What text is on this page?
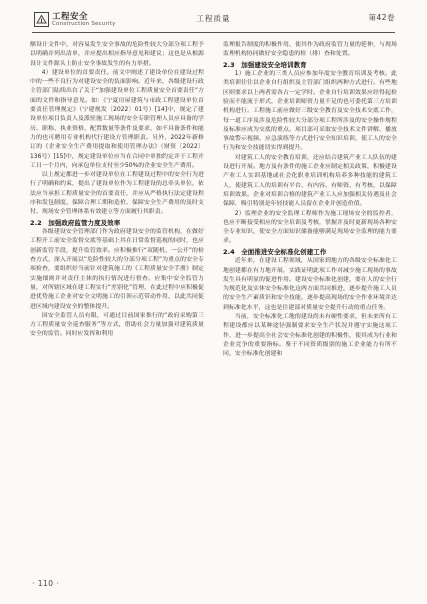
工程安全
Construction Security
工程质量	第42卷

额设计文件中，对容易发生安全事故的危险性较大分部分项工程予以明确并列出清单，并应提出相应指导意见和建议；这也是从根源设计文件源头上防止安全事故发生的有力举措。

4）建设单位的首要责任。前文中阐述了建设单位在建设过程中的一些不良行为对建设安全的负面影响。近年来，各级建设行政主管部门陆续出台了关于“加强建设单位工程质量安全首要责任”方面的文件和指导意见。如：《宁夏房屋建筑与市政工程建设单位首要责任管理规定》（宁建规发〔2022〕01号）[14]中，规定了建设单位项目负责人及派驻施工现场的安全专职管理人员应具备的学历、职称、执业资格、配置数量等条件及要求，如不具备条件和能力的也可聘用专业机构代行建设方管理职责。另外，2022年新修订的《企业安全生产费用提取和使用管理办法》（财资〔2022〕136号）[15]中，规定建设单位应当在合同中单独约定并于工程开工日一个月内，向承包单位支付至少50%的企业安全生产费用。

以上规定都进一步对建设单位在工程建设过程中的安全行为进行了明确和约束，提出了建设单位作为工程建设的总牵头单位，依法应当承担工程质量安全的首要责任，并应从严格执行法定建设程序和发包制度、保障合理工期和造价、保障安全生产费用的及时支付、现场安全管理体系有效建立等方面履行其职责。

2.2　加强政府监管力度及效率

各级建设安全管理部门作为政府建设安全的监管机构，在做好工程开工前安全监督交底等基础上其在日常监督巡视的同时，也应创新监管手段，提升监管效率。应积极推行“双随机、一公开”的检查方式，深入开展以“危险性较大的分部分项工程”为重点的安全专项检查，要组织好当前针对建筑施工的《工程质量安全手册》制定实施细则并对责任主体的执行情况进行督查。应集中安全监管力量，对所辖区域在建工程实行“差别化”管理，在此过程中应积极促进优势施工企业对安全文明施工的引领示范带动作用，以此共同促进区域内建设安全的整体提升。

国安全监管人员有限，可通过目前国家推行的“政府采购第三方工程质量安全巡查服务”等方式，借助社会力量加强对建筑质量安全的监管。同时应发挥和利用

监理报告制度的积极作用，使其作为政府监管力量的延伸，与现场监理机构协同做好安全隐患的检（排）查和处置。

2.3　加强建设安全培训教育

1）施工企业的三类人员应参加年度安全教育培训及考核。此类培训往往以企业自行组织及主管部门组织两种方式进行。有些地区则要求以上两者需各占一定学时。企业自行培训效果应经得起检验而不能流于形式，企业培训师资力量不足的也可委托第三方培训机构进行。工程施工前应做好三级安全教育及安全技术交底工作，每一道工序及涉及危险性较大分部分项工程所涉及的安全操作规程及标准应成为交底的重点。项目部可采取安全技术文件讲解、播放事故警示视频、应急演练等方式进行安全知识培训，使工人的安全行为和安全技能切实得到提升。

对建筑工人的安全教育培训，还应结合建筑产业工人队伍的建设进行开展。地方及有条件的施工企业应制定相关政策，积极建设产业工人实训基地或社会化职业培训机构培养多种技能的建筑工人，使建筑工人的培训有平台、有内容、有师资、有考核，以保障培训效果。企业对培训合格的建筑产业工人应加强相关待遇及社会保障，吸引特别是年轻技能人员留在企业并创造价值。

2）监理企业的安全监理工程师作为施工现场安全的监控者，也应不断接受相应的安全培训及考核，掌握并及时更新现场各种安全专业知识，使安全方面知识储备能够满足现场安全监理的能力要求。

2.4　全面推进安全标准化创建工作

近年来，在建设工程领域，从国家到地方的各级安全标准化工地创建都在有力地开展，实践证明此项工作对减少施工现场的事故发生具有明显的促进作用。建设安全标准化创建，要在人的安全行为规范化及实体安全标准化这两方面共同推进，逐步提升施工人员的安全生产素质识和安全技能，逐步提高现场的安全作业环境并达到标准化水平，这也是住建部对质量安全提升行动的重点任务。

当前，安全标准化工地的建设尚未有硬性要求，但未来所有工程建设都应以某种途径强制要求安全生产状况并遵守实施这项工作，进一步提高全社会安全标准化创建的积极性，使其成为行业和企业竞争的重要指标。鉴于不同资质级别的施工企业能力有所不同，安全标准化创建和

· 110 ·
